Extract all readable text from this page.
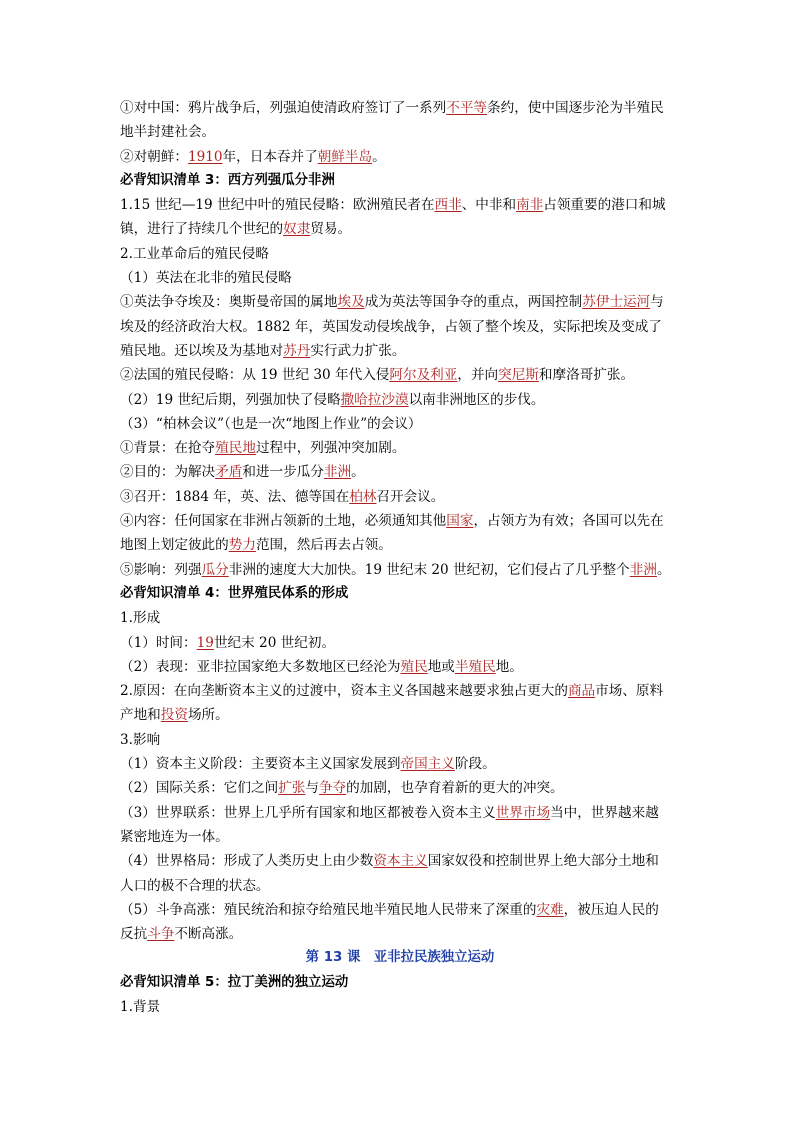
①对中国：鸦片战争后，列强迫使清政府签订了一系列不平等条约，使中国逐步沦为半殖民
地半封建社会。
②对朝鲜：1910年，日本吞并了朝鲜半岛。
必背知识清单 3：西方列强瓜分非洲
1.15 世纪—19 世纪中叶的殖民侵略：欧洲殖民者在西非、中非和南非占领重要的港口和城
镇，进行了持续几个世纪的奴隶贸易。
2.工业革命后的殖民侵略
（1）英法在北非的殖民侵略
①英法争夺埃及：奥斯曼帝国的属地埃及成为英法等国争夺的重点，两国控制苏伊士运河与
埃及的经济政治大权。1882 年，英国发动侵埃战争，占领了整个埃及，实际把埃及变成了
殖民地。还以埃及为基地对苏丹实行武力扩张。
②法国的殖民侵略：从 19 世纪 30 年代入侵阿尔及利亚，并向突尼斯和摩洛哥扩张。
（2）19 世纪后期，列强加快了侵略撒哈拉沙漠以南非洲地区的步伐。
（3）“柏林会议”（也是一次“地图上作业”的会议）
①背景：在抢夺殖民地过程中，列强冲突加剧。
②目的：为解决矛盾和进一步瓜分非洲。
③召开：1884 年，英、法、德等国在柏林召开会议。
④内容：任何国家在非洲占领新的土地，必须通知其他国家，占领方为有效；各国可以先在
地图上划定彼此的势力范围，然后再去占领。
⑤影响：列强瓜分非洲的速度大大加快。19 世纪末 20 世纪初，它们侵占了几乎整个非洲。
必背知识清单 4：世界殖民体系的形成
1.形成
（1）时间：19世纪末 20 世纪初。
（2）表现：亚非拉国家绝大多数地区已经沦为殖民地或半殖民地。
2.原因：在向垄断资本主义的过渡中，资本主义各国越来越要求独占更大的商品市场、原料
产地和投资场所。
3.影响
（1）资本主义阶段：主要资本主义国家发展到帝国主义阶段。
（2）国际关系：它们之间扩张与争夺的加剧，也孕育着新的更大的冲突。
（3）世界联系：世界上几乎所有国家和地区都被卷入资本主义世界市场当中，世界越来越
紧密地连为一体。
（4）世界格局：形成了人类历史上由少数资本主义国家奴役和控制世界上绝大部分土地和
人口的极不合理的状态。
（5）斗争高涨：殖民统治和掠夺给殖民地半殖民地人民带来了深重的灾难，被压迫人民的
反抗斗争不断高涨。
第 13 课　亚非拉民族独立运动
必背知识清单 5：拉丁美洲的独立运动
1.背景
